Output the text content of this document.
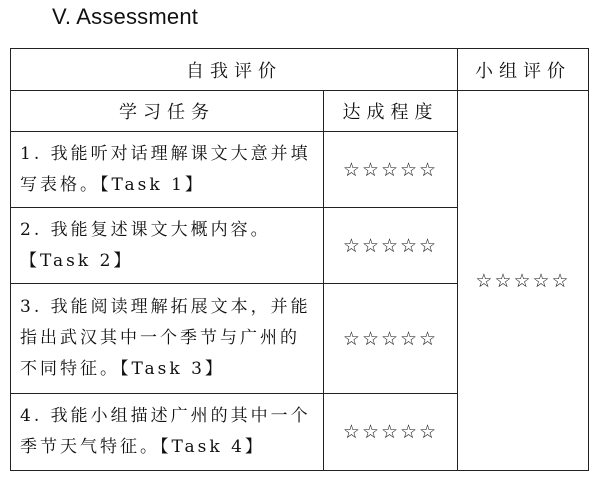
V. Assessment
自我评价		小组评价
学习任务	达成程度	☆☆☆☆☆
1. 我能听对话理解课文大意并填写表格。【Task 1】	☆☆☆☆☆	
2. 我能复述课文大概内容。【Task 2】	☆☆☆☆☆	
3. 我能阅读理解拓展文本，并能指出武汉其中一个季节与广州的不同特征。【Task 3】	☆☆☆☆☆	
4. 我能小组描述广州的其中一个季节天气特征。【Task 4】	☆☆☆☆☆	
